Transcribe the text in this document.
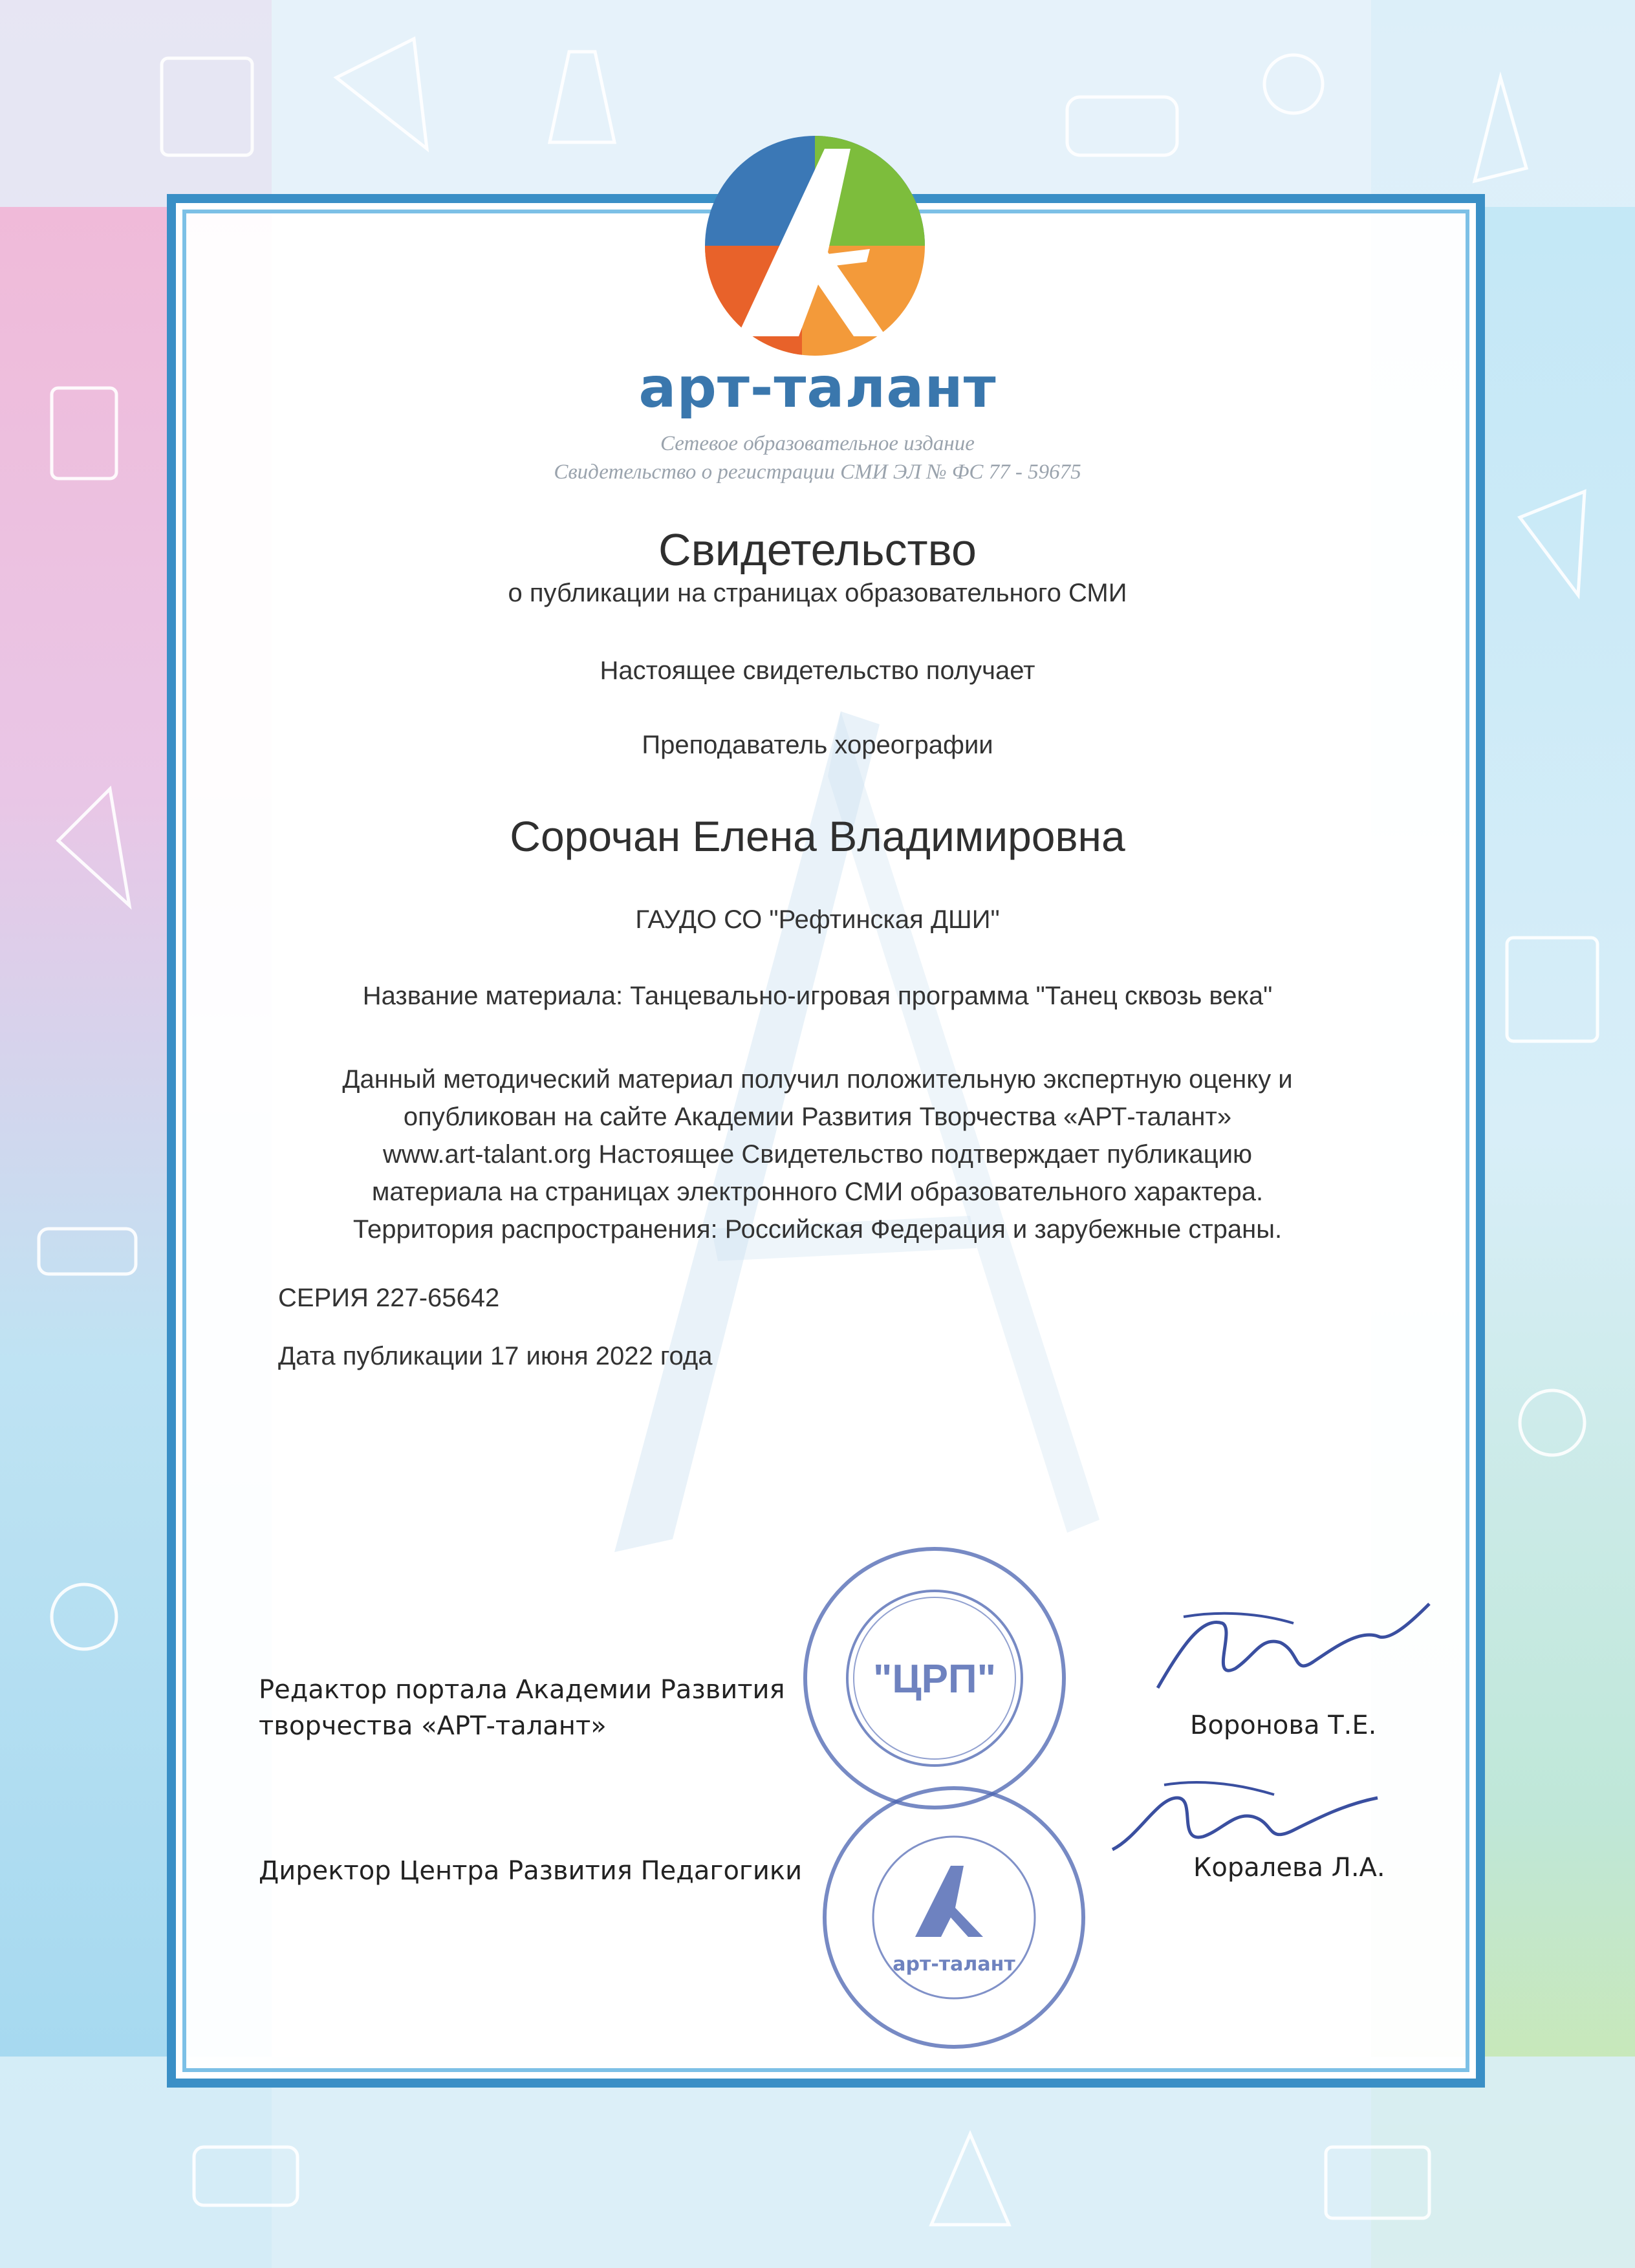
арт-талант
Сетевое образовательное издание
Свидетельство о регистрации СМИ ЭЛ № ФС 77 - 59675
Свидетельство
о публикации на страницах образовательного СМИ
Настоящее свидетельство получает
Преподаватель хореографии
Сорочан Елена Владимировна
ГАУДО СО "Рефтинская ДШИ"
Название материала: Танцевально-игровая программа "Танец сквозь века"
Данный методический материал получил положительную экспертную оценку и
опубликован на сайте Академии Развития Творчества «АРТ-талант»
www.art-talant.org Настоящее Свидетельство подтверждает публикацию
материала на страницах электронного СМИ образовательного характера.
Территория распространения: Российская Федерация и зарубежные страны.
СЕРИЯ 227-65642
Дата публикации 17 июня 2022 года
"ЦРП"
арт-талант
Редактор портала Академии Развития
творчества «АРТ-талант»	Воронова Т.Е.
Директор Центра Развития Педагогики	Коралева Л.А.
